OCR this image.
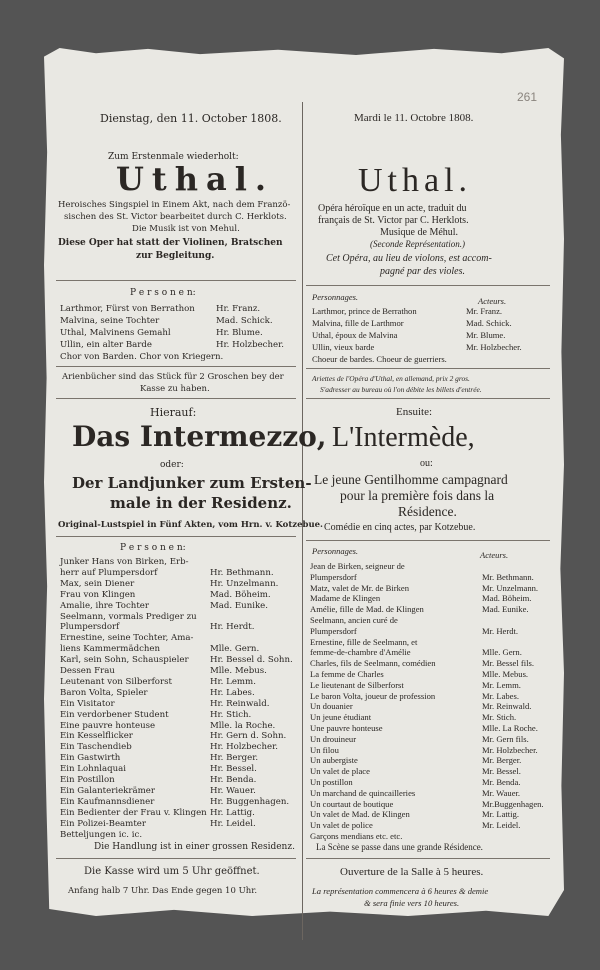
261
Dienstag, den 11. October 1808.
Zum Erstenmale wiederholt:
Uthal.
Heroisches Singspiel in Einem Akt, nach dem Franzö-
sischen des St. Victor bearbeitet durch C. Herklots.
Die Musik ist von Mehul.
Diese Oper hat statt der Violinen, Bratschen
zur Begleitung.
P e r s o n e n:
Larthmor, Fürst von Berrathon Hr. Franz.
Malvina, seine Tochter	Mad. Schick.
Uthal, Malvinens Gemahl	Hr. Blume.
Ullin, ein alter Barde	Hr. Holzbecher.
Chor von Barden. Chor von Kriegern.
Arienbücher sind das Stück für 2 Groschen bey der
Kasse zu haben.
Hierauf:
Das Intermezzo,
oder:
Der Landjunker zum Ersten-
male in der Residenz.
Original-Lustspiel in Fünf Akten, vom Hrn. v. Kotzebue.
P e r s o n e n:
Junker Hans von Birken, Erb-
herr auf Plumpersdorf	Hr. Bethmann.
Max, sein Diener	Hr. Unzelmann.
Frau von Klingen	Mad. Böheim.
Amalie, ihre Tochter	Mad. Eunike.
Seelmann, vormals Prediger zu
Plumpersdorf	Hr. Herdt.
Ernestine, seine Tochter, Ama-
liens Kammermädchen	Mlle. Gern.
Karl, sein Sohn, Schauspieler Hr. Bessel d. Sohn.
Dessen Frau	Mlle. Mebus.
Leutenant von Silberforst	Hr. Lemm.
Baron Volta, Spieler	Hr. Labes.
Ein Visitator	Hr. Reinwald.
Ein verdorbener Student	Hr. Stich.
Eine pauvre honteuse	Mlle. la Roche.
Ein Kesselflicker	Hr. Gern d. Sohn.
Ein Taschendieb	Hr. Holzbecher.
Ein Gastwirth	Hr. Berger.
Ein Lohnlaquai	Hr. Bessel.
Ein Postillon	Hr. Benda.
Ein Galanteriekrämer	Hr. Wauer.
Ein Kaufmannsdiener	Hr. Buggenhagen.
Ein Bedienter der Frau v. Klingen Hr. Lattig.
Ein Polizei-Beamter	Hr. Leidel.
Betteljungen ic. ic.
Die Handlung ist in einer grossen Residenz.
Die Kasse wird um 5 Uhr geöffnet.
Anfang halb 7 Uhr. Das Ende gegen 10 Uhr.
Mardi le 11. Octobre 1808.
Uthal.
Opéra héroïque en un acte, traduit du
français de St. Victor par C. Herklots.
Musique de Méhul.
(Seconde Représentation.)
Cet Opéra, au lieu de violons, est accom-
pagné par des violes.
Personnages.	Acteurs.
Larthmor, prince de Berrathon	Mr. Franz.
Malvina, fille de Larthmor	Mad. Schick.
Uthal, époux de Malvina	Mr. Blume.
Ullin, vieux barde	Mr. Holzbecher.
Choeur de bardes. Choeur de guerriers.
Ariettes de l'Opéra d'Uthal, en allemand, prix 2 gros.
S'adresser au bureau où l'on débite les billets d'entrée.
Ensuite:
L'Intermède,
ou:
Le jeune Gentilhomme campagnard
pour la première fois dans la
Résidence.
Comédie en cinq actes, par Kotzebue.
Personnages.	Acteurs.
Jean de Birken, seigneur de
Plumpersdorf	Mr. Bethmann.
Matz, valet de Mr. de Birken	Mr. Unzelmann.
Madame de Klingen	Mad. Böheim.
Amélie, fille de Mad. de Klingen	Mad. Eunike.
Seelmann, ancien curé de
Plumpersdorf	Mr. Herdt.
Ernestine, fille de Seelmann, et
femme-de-chambre d'Amélie	Mlle. Gern.
Charles, fils de Seelmann, comédien	Mr. Bessel fils.
La femme de Charles	Mlle. Mebus.
Le lieutenant de Silberforst	Mr. Lemm.
Le baron Volta, joueur de profession	Mr. Labes.
Un douanier	Mr. Reinwald.
Un jeune étudiant	Mr. Stich.
Une pauvre honteuse	Mlle. La Roche.
Un drouineur	Mr. Gern fils.
Un filou	Mr. Holzbecher.
Un aubergiste	Mr. Berger.
Un valet de place	Mr. Bessel.
Un postillon	Mr. Benda.
Un marchand de quincailleries	Mr. Wauer.
Un courtaut de boutique	Mr.Buggenhagen.
Un valet de Mad. de Klingen	Mr. Lattig.
Un valet de police	Mr. Leidel.
Garçons mendians etc. etc.
La Scène se passe dans une grande Résidence.
Ouverture de la Salle à 5 heures.
La représentation commencera à 6 heures & demie
& sera finie vers 10 heures.
